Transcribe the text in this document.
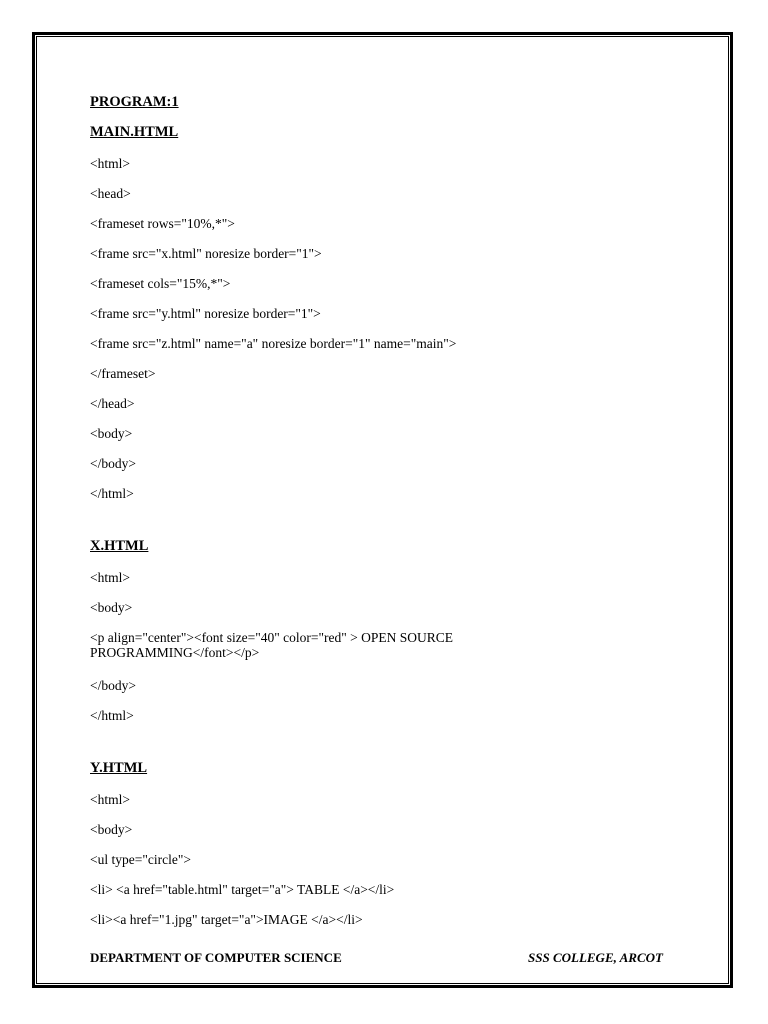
PROGRAM:1
MAIN.HTML
<html>
<head>
<frameset rows="10%,*">
<frame src="x.html" noresize border="1">
<frameset cols="15%,*">
<frame src="y.html" noresize border="1">
<frame src="z.html" name="a" noresize border="1" name="main">
</frameset>
</head>
<body>
</body>
</html>
X.HTML
<html>
<body>
<p align="center"><font size="40" color="red" > OPEN SOURCE
PROGRAMMING</font></p>
</body>
</html>
Y.HTML
<html>
<body>
<ul type="circle">
<li> <a href="table.html" target="a"> TABLE </a></li>
<li><a href="1.jpg" target="a">IMAGE </a></li>
DEPARTMENT OF COMPUTER SCIENCE	SSS COLLEGE, ARCOT
